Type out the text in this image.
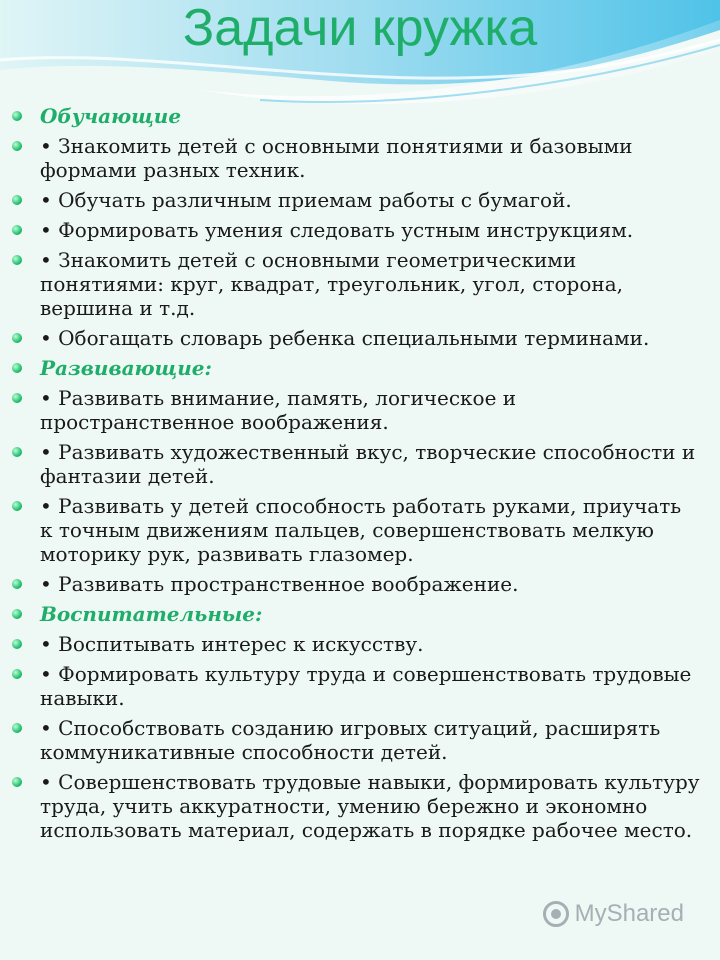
Задачи кружка
Обучающие
• Знакомить детей с основными понятиями и базовыми формами разных техник.
• Обучать различным приемам работы с бумагой.
• Формировать умения следовать устным инструкциям.
• Знакомить детей с основными геометрическими понятиями: круг, квадрат, треугольник, угол, сторона, вершина и т.д.
• Обогащать словарь ребенка специальными терминами.
Развивающие:
• Развивать внимание, память, логическое и пространственное воображения.
• Развивать художественный вкус, творческие способности и фантазии детей.
• Развивать у детей способность работать руками, приучать к точным движениям пальцев, совершенствовать мелкую моторику рук, развивать глазомер.
• Развивать пространственное воображение.
Воспитательные:
• Воспитывать интерес к искусству.
• Формировать культуру труда и совершенствовать трудовые навыки.
• Способствовать созданию игровых ситуаций, расширять коммуникативные способности детей.
• Совершенствовать трудовые навыки, формировать культуру труда, учить аккуратности, умению бережно и экономно использовать материал, содержать в порядке рабочее место.
MyShared
